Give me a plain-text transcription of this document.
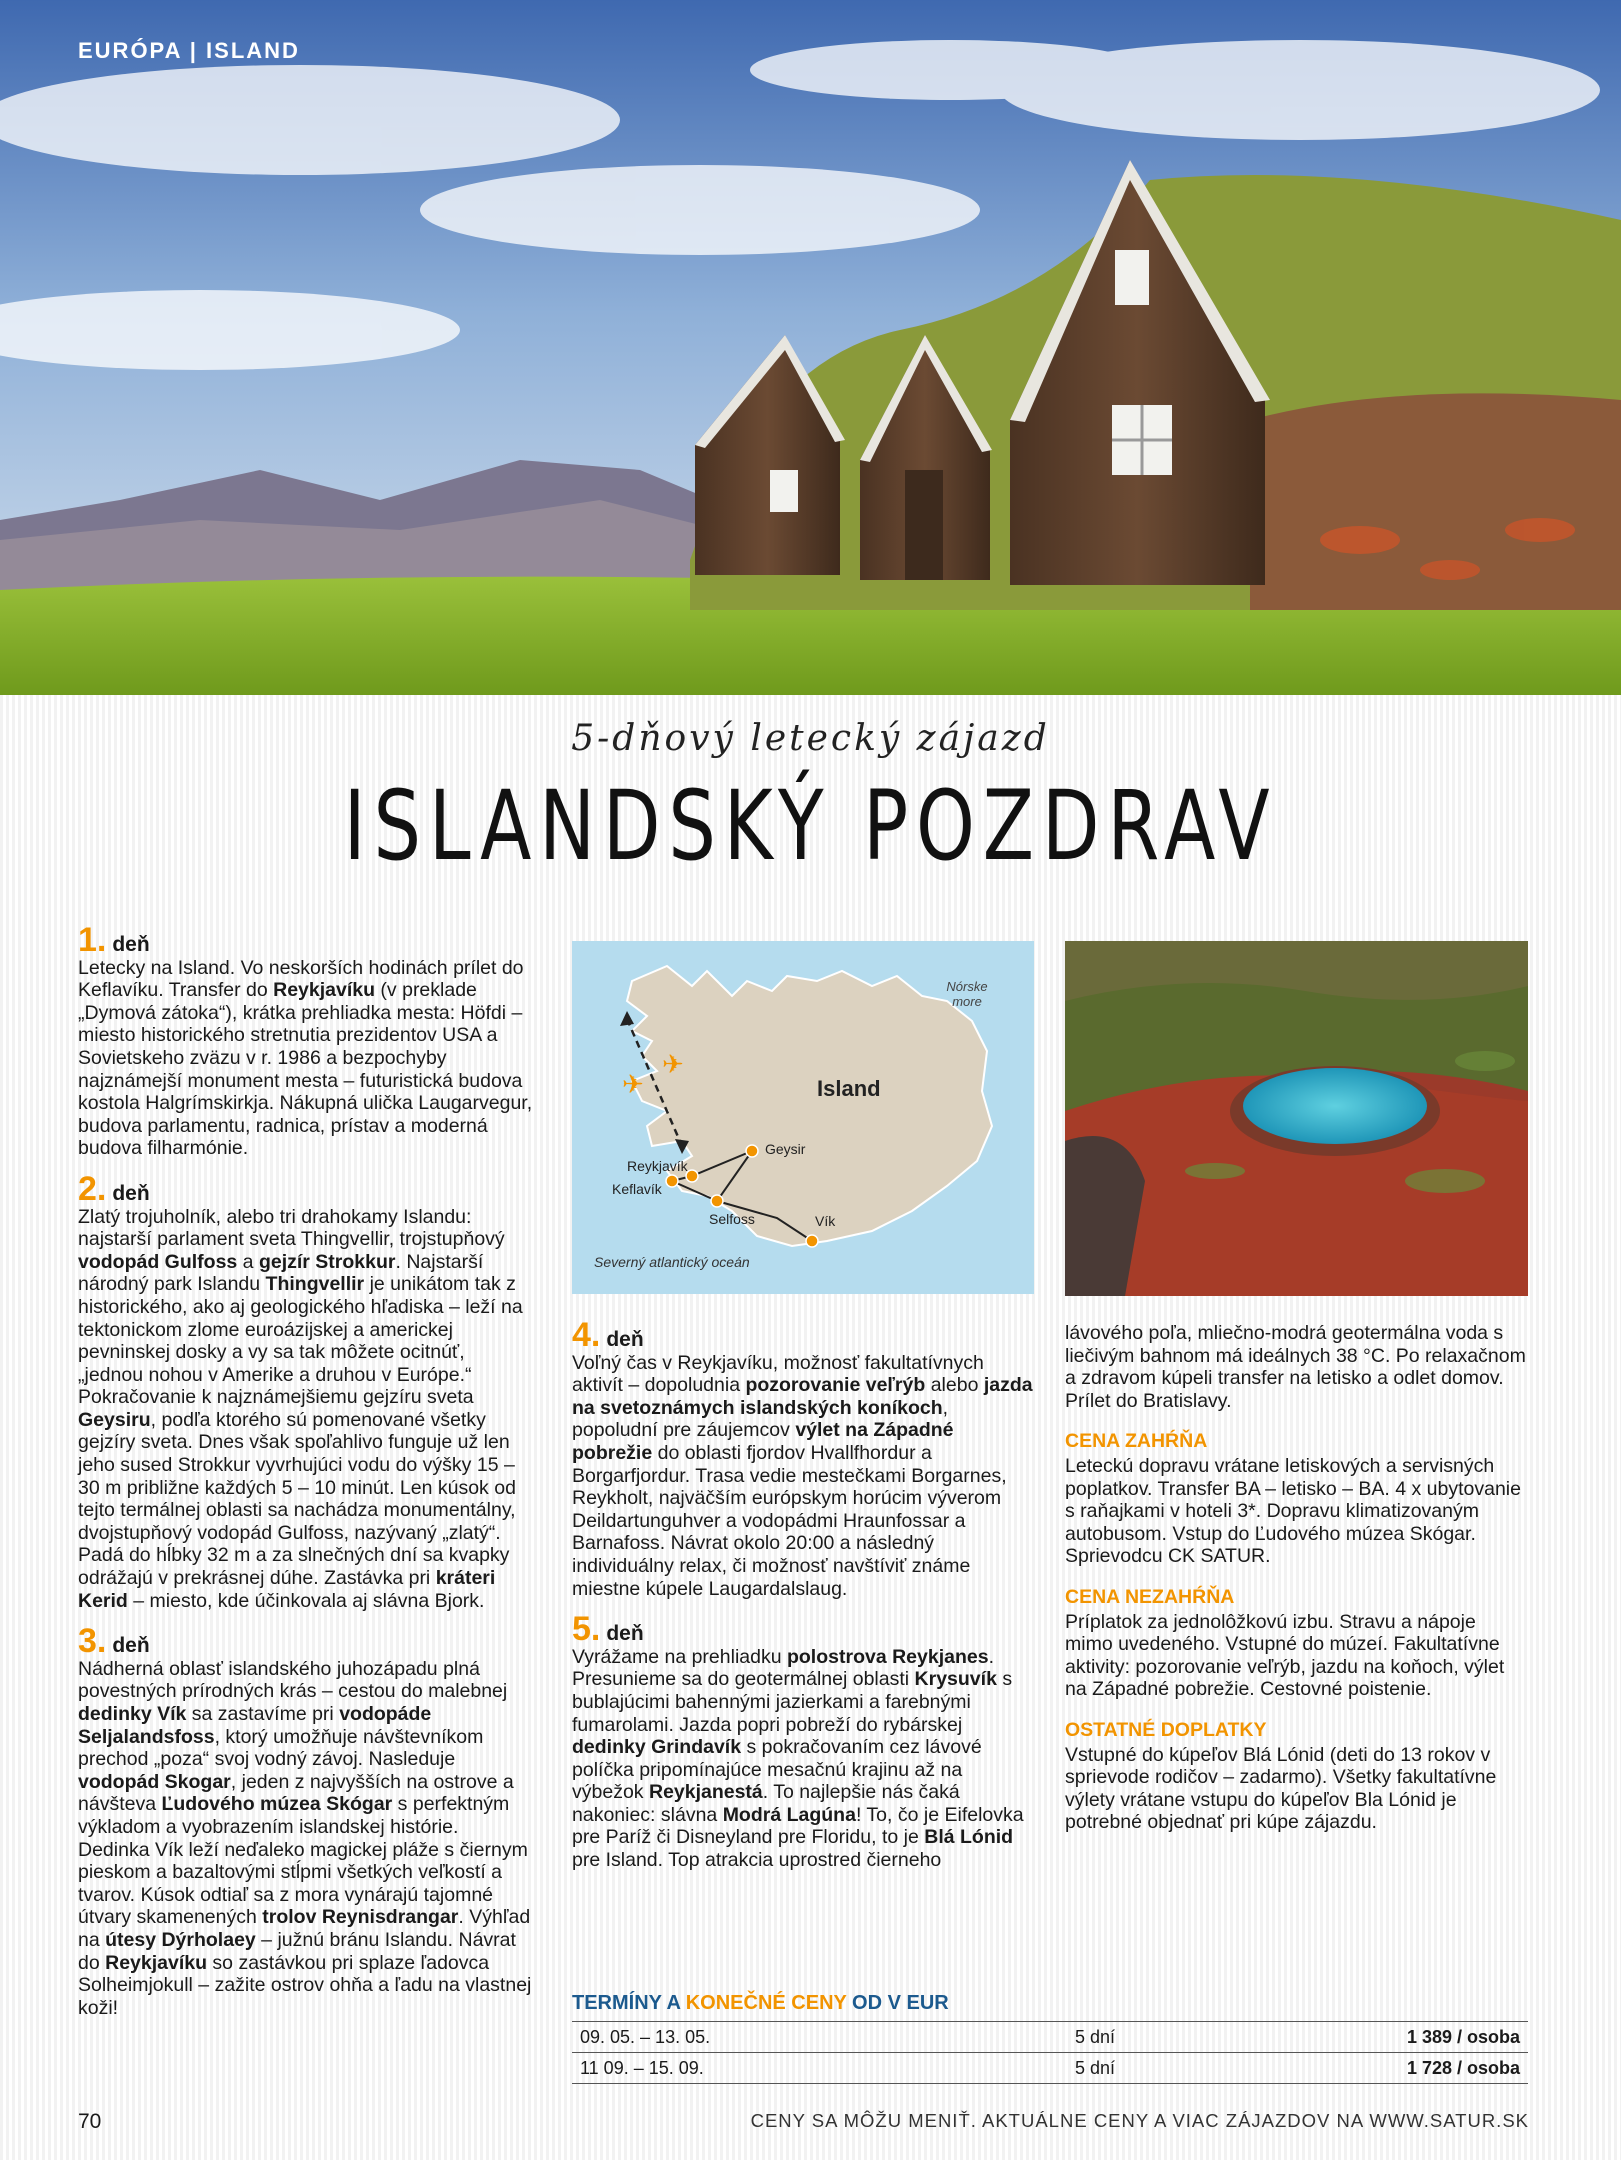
EURÓPA | ISLAND
5-dňový letecký zájazd
ISLANDSKÝ POZDRAV
1. deň

Letecky na Island. Vo neskorších hodinách prílet do Keflavíku. Transfer do Reykjavíku (v preklade „Dymová zátoka“), krátka prehliadka mesta: Höfdi – miesto historického stretnutia prezidentov USA a Sovietskeho zväzu v r. 1986 a bezpochyby najznámejší monument mesta – futuristická budova kostola Halgrímskirkja. Nákupná ulička Laugarvegur, budova parlamentu, radnica, prístav a moderná budova filharmónie.

2. deň

Zlatý trojuholník, alebo tri drahokamy Islandu: najstarší parlament sveta Thingvellir, trojstupňový vodopád Gulfoss a gejzír Strokkur. Najstarší národný park Islandu Thingvellir je unikátom tak z historického, ako aj geologického hľadiska – leží na tektonickom zlome euroázijskej a americkej pevninskej dosky a vy sa tak môžete ocitnúť, „jednou nohou v Amerike a druhou v Európe.“ Pokračovanie k najznámejšiemu gejzíru sveta Geysiru, podľa ktorého sú pomenované všetky gejzíry sveta. Dnes však spoľahlivo funguje už len jeho sused Strokkur vyvrhujúci vodu do výšky 15 – 30 m približne každých 5 – 10 minút. Len kúsok od tejto termálnej oblasti sa nachádza monumentálny, dvojstupňový vodopád Gulfoss, nazývaný „zlatý“. Padá do hĺbky 32 m a za slnečných dní sa kvapky odrážajú v prekrásnej dúhe. Zastávka pri kráteri Kerid – miesto, kde účinkovala aj slávna Bjork.

3. deň

Nádherná oblasť islandského juhozápadu plná povestných prírodných krás – cestou do malebnej dedinky Vík sa zastavíme pri vodopáde Seljalandsfoss, ktorý umožňuje návštevníkom prechod „poza“ svoj vodný závoj. Nasleduje vodopád Skogar, jeden z najvyšších na ostrove a návšteva Ľudového múzea Skógar s perfektným výkladom a vyobrazením islandskej histórie. Dedinka Vík leží neďaleko magickej pláže s čiernym pieskom a bazaltovými stĺpmi všetkých veľkostí a tvarov. Kúsok odtiaľ sa z mora vynárajú tajomné útvary skamenených trolov Reynisdrangar. Výhľad na útesy Dýrholaey – južnú bránu Islandu. Návrat do Reykjavíku so zastávkou pri splaze ľadovca Solheimjokull – zažite ostrov ohňa a ľadu na vlastnej koži!

✈
✈
Reykjavík
Keflavík
Selfoss
Geysir
Vík
Island
Nórske
more
Severný atlantický oceán
4. deň

Voľný čas v Reykjavíku, možnosť fakultatívnych aktivít – dopoludnia pozorovanie veľrýb alebo jazda na svetoznámych islandských koníkoch, popoludní pre záujemcov výlet na Západné pobrežie do oblasti fjordov Hvallfhordur a Borgarfjordur. Trasa vedie mestečkami Borgarnes, Reykholt, najväčším európskym horúcim výverom Deildartunguhver a vodopádmi Hraunfossar a Barnafoss. Návrat okolo 20:00 a následný individuálny relax, či možnosť navštíviť známe miestne kúpele Laugardalslaug.

5. deň

Vyrážame na prehliadku polostrova Reykjanes. Presunieme sa do geotermálnej oblasti Krysuvík s bublajúcimi bahennými jazierkami a farebnými fumarolami. Jazda popri pobreží do rybárskej dedinky Grindavík s pokračovaním cez lávové políčka pripomínajúce mesačnú krajinu až na výbežok Reykjanestá. To najlepšie nás čaká nakoniec: slávna Modrá Lagúna! To, čo je Eifelovka pre Paríž či Disneyland pre Floridu, to je Blá Lónid pre Island. Top atrakcia uprostred čierneho

lávového poľa, mliečno-modrá geotermálna voda s liečivým bahnom má ideálnych 38 °C. Po relaxačnom a zdravom kúpeli transfer na letisko a odlet domov. Prílet do Bratislavy.

CENA ZAHŔŇA

Leteckú dopravu vrátane letiskových a servisných poplatkov. Transfer BA – letisko – BA. 4 x ubytovanie s raňajkami v hoteli 3*. Dopravu klimatizovaným autobusom. Vstup do Ľudového múzea Skógar. Sprievodcu CK SATUR.

CENA NEZAHŔŇA

Príplatok za jednolôžkovú izbu. Stravu a nápoje mimo uvedeného. Vstupné do múzeí. Fakultatívne aktivity: pozorovanie veľrýb, jazdu na koňoch, výlet na Západné pobrežie. Cestovné poistenie.

OSTATNÉ DOPLATKY

Vstupné do kúpeľov Blá Lónid (deti do 13 rokov v sprievode rodičov – zadarmo). Všetky fakultatívne výlety vrátane vstupu do kúpeľov Bla Lónid je potrebné objednať pri kúpe zájazdu.

TERMÍNY A KONEČNÉ CENY OD V EUR
09. 05. – 13. 05.	5 dní	1 389 / osoba
11 09. – 15. 09.	5 dní	1 728 / osoba
70	CENY SA MÔŽU MENIŤ. AKTUÁLNE CENY A VIAC ZÁJAZDOV NA WWW.SATUR.SK
